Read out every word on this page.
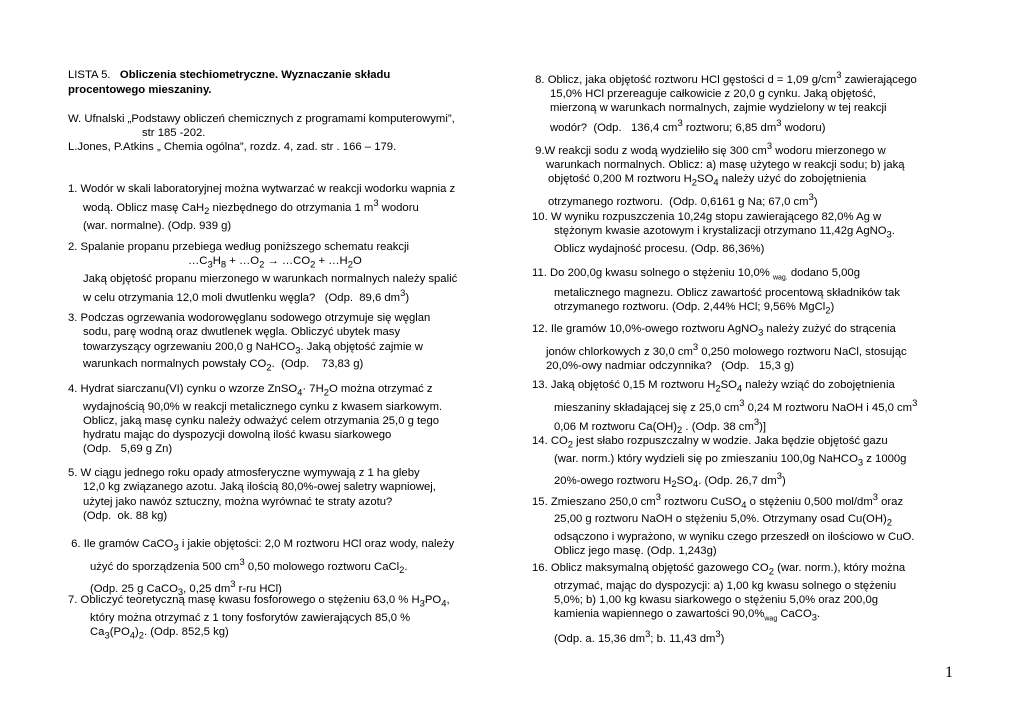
LISTA 5.   Obliczenia stechiometryczne. Wyznaczanie składu
procentowego mieszaniny.
W. Ufnalski „Podstawy obliczeń chemicznych z programami komputerowymi”,
str 185 -202.
L.Jones, P.Atkins „ Chemia ogólna”, rozdz. 4, zad. str . 166 – 179.
1. Wodór w skali laboratoryjnej można wytwarzać w reakcji wodorku wapnia z
wodą. Oblicz masę CaH$_2$ niezbędnego do otrzymania 1 $m^3$ wodoru
(war. normalne). (Odp. 939 g)
2. Spalanie propanu przebiega według poniższego schematu reakcji
$\dots C_3H_8$ + $\dots O_2$ → $\dots CO_2$ + $\dots H_2O$
Jaką objętość propanu mierzonego w warunkach normalnych należy spalić
w celu otrzymania 12,0 moli dwutlenku węgla?   (Odp.  89,6 $dm^3$)
3. Podczas ogrzewania wodorowęglanu sodowego otrzymuje się węglan
sodu, parę wodną oraz dwutlenek węgla. Obliczyć ubytek masy
towarzyszący ogrzewaniu 200,0 g NaHCO$_3$. Jaką objętość zajmie w
warunkach normalnych powstały $CO_2$.  (Odp.    73,83 g)
4. Hydrat siarczanu(VI) cynku o wzorze ZnSO$_4$· $7H_2O$ można otrzymać z
wydajnością 90,0% w reakcji metalicznego cynku z kwasem siarkowym.
Oblicz, jaką masę cynku należy odważyć celem otrzymania 25,0 g tego
hydratu mając do dyspozycji dowolną ilość kwasu siarkowego
(Odp.   5,69 g Zn)
5. W ciągu jednego roku opady atmosferyczne wymywają z 1 ha gleby
12,0 kg związanego azotu. Jaką ilością 80,0%-owej saletry wapniowej,
użytej jako nawóz sztuczny, można wyrównać te straty azotu?
(Odp.  ok. 88 kg)
6. Ile gramów CaCO$_3$ i jakie objętości: 2,0 M roztworu HCl oraz wody, należy
użyć do sporządzenia 500 $cm^3$ 0,50 molowego roztworu CaCl$_2$.
(Odp. 25 g CaCO$_3$, 0,25 $dm^3$ r-ru HCl)
7. Obliczyć teoretyczną masę kwasu fosforowego o stężeniu 63,0 % $H_3PO_4$,
który można otrzymać z 1 tony fosforytów zawierających 85,0 %
$Ca_3(PO_4)_2$. (Odp. 852,5 kg)
8. Oblicz, jaka objętość roztworu HCl gęstości d = 1,09 $g/cm^3$ zawierającego
15,0% HCl przereaguje całkowicie z 20,0 g cynku. Jaką objętość,
mierzoną w warunkach normalnych, zajmie wydzielony w tej reakcji
wodór?  (Odp.   136,4 $cm^3$ roztworu; 6,85 $dm^3$ wodoru)
9.W reakcji sodu z wodą wydzieliło się 300 $cm^3$ wodoru mierzonego w
warunkach normalnych. Oblicz: a) masę użytego w reakcji sodu; b) jaką
objętość 0,200 M roztworu $H_2SO_4$ należy użyć do zobojętnienia
otrzymanego roztworu.  (Odp. 0,6161 g Na; 67,0 $cm^3$)
10. W wyniku rozpuszczenia 10,24g stopu zawierającego 82,0% Ag w
stężonym kwasie azotowym i krystalizacji otrzymano 11,42g AgNO$_3$.
Oblicz wydajność procesu. (Odp. 86,36%)
11. Do 200,0g kwasu solnego o stężeniu 10,0% $_{wag.}$ dodano 5,00g
metalicznego magnezu. Oblicz zawartość procentową składników tak
otrzymanego roztworu. (Odp. 2,44% HCl; 9,56% MgCl$_2$)
12. Ile gramów 10,0%-owego roztworu AgNO$_3$ należy zużyć do strącenia
jonów chlorkowych z 30,0 $cm^3$ 0,250 molowego roztworu NaCl, stosując
20,0%-owy nadmiar odczynnika?   (Odp.   15,3 g)
13. Jaką objętość 0,15 M roztworu $H_2SO_4$ należy wziąć do zobojętnienia
mieszaniny składającej się z 25,0 $cm^3$ 0,24 M roztworu NaOH i 45,0 $cm^3$
0,06 M roztworu $Ca(OH)_2$ . (Odp. 38 $cm^3$)]
14. $CO_2$ jest słabo rozpuszczalny w wodzie. Jaka będzie objętość gazu
(war. norm.) który wydzieli się po zmieszaniu 100,0g NaHCO$_3$ z 1000g
20%-owego roztworu $H_2SO_4$. (Odp. 26,7 $dm^3$)
15. Zmieszano 250,0 $cm^3$ roztworu CuSO$_4$ o stężeniu 0,500 mol/$dm^3$ oraz
25,00 g roztworu NaOH o stężeniu 5,0%. Otrzymany osad $Cu(OH)_2$
odsączono i wyprażono, w wyniku czego przeszedł on ilościowo w CuO.
Oblicz jego masę. (Odp. 1,243g)
16. Oblicz maksymalną objętość gazowego $CO_2$ (war. norm.), który można
otrzymać, mając do dyspozycji: a) 1,00 kg kwasu solnego o stężeniu
5,0%; b) 1,00 kg kwasu siarkowego o stężeniu 5,0% oraz 200,0g
kamienia wapiennego o zawartości $90,0\%_{wag}$ CaCO$_3$.
(Odp. a. 15,36 $dm^3$; b. 11,43 $dm^3$)
1
